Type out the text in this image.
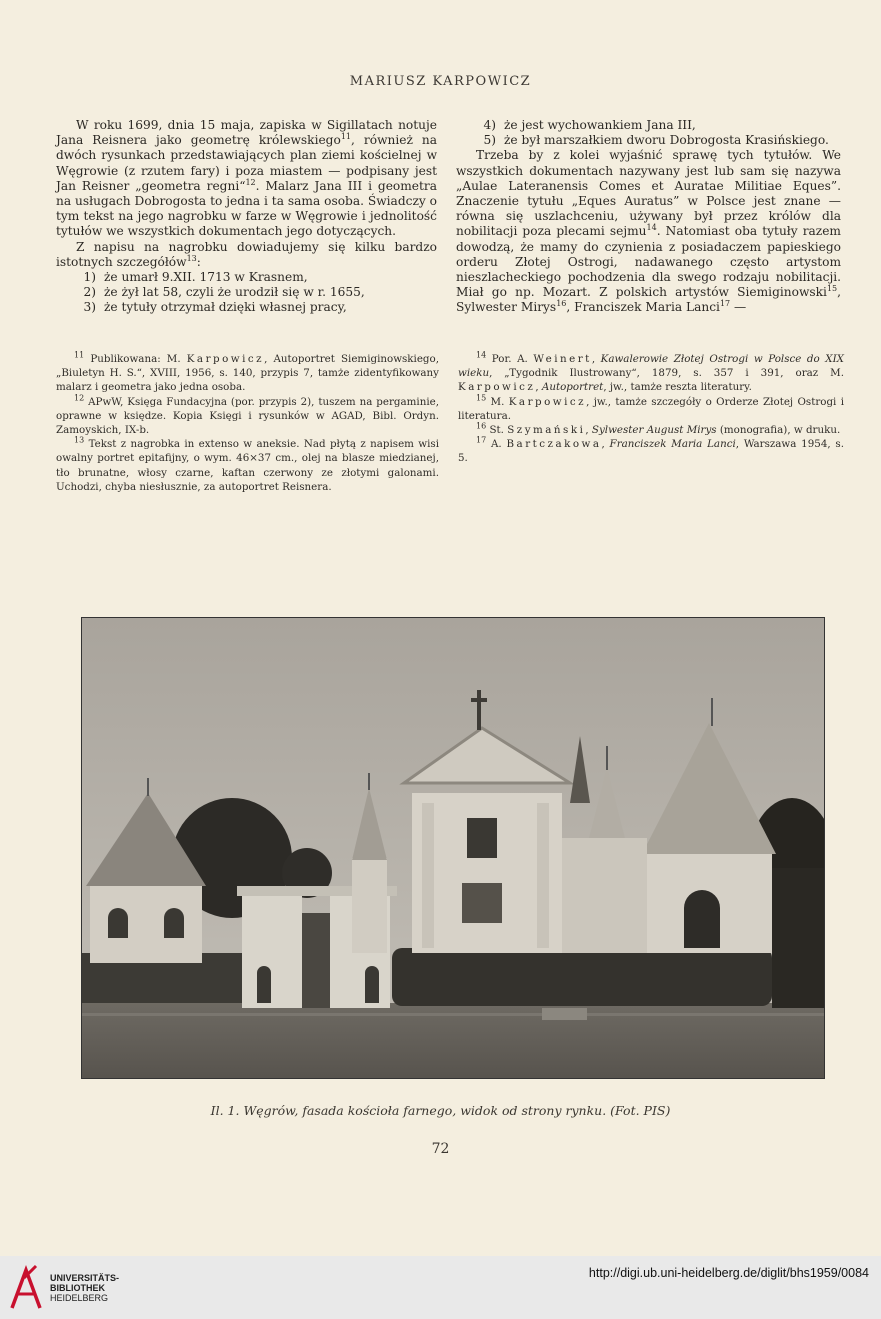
MARIUSZ KARPOWICZ

W roku 1699, dnia 15 maja, zapiska w Sigillatach notuje Jana Reisnera jako geometrę królewskiego$^{11}$, również na dwóch rysunkach przedstawiających plan ziemi kościelnej w Węgrowie (z rzutem fary) i poza miastem — podpisany jest Jan Reisner „geometra regni“$^{12}$. Malarz Jana III i geometra na usługach Dobrogosta to jedna i ta sama osoba. Świadczy o tym tekst na jego nagrobku w farze w Węgrowie i jednolitość tytułów we wszystkich dokumentach jego dotyczących.

Z napisu na nagrobku dowiadujemy się kilku bardzo istotnych szczegółów$^{13}$:

1) że umarł 9.XII. 1713 w Krasnem,
2) że żył lat 58, czyli że urodził się w r. 1655,
3) że tytuły otrzymał dzięki własnej pracy,
4) że jest wychowankiem Jana III,
5) że był marszałkiem dworu Dobrogosta Krasińskiego.

Trzeba by z kolei wyjaśnić sprawę tych tytułów. We wszystkich dokumentach nazywany jest lub sam się nazywa „Aulae Lateranensis Comes et Auratae Militiae Eques”. Znaczenie tytułu „Eques Auratus” w Polsce jest znane — równa się uszlachceniu, używany był przez królów dla nobilitacji poza plecami sejmu$^{14}$. Natomiast oba tytuły razem dowodzą, że mamy do czynienia z posiadaczem papieskiego orderu Złotej Ostrogi, nadawanego często artystom nieszlacheckiego pochodzenia dla swego rodzaju nobilitacji. Miał go np. Mozart. Z polskich artystów Siemiginowski$^{15}$, Sylwester Mirys$^{16}$, Franciszek Maria Lanci$^{17}$ —

$^{11}$ Publikowana: M. Karpowicz, Autoportret Siemiginowskiego, „Biuletyn H. S.“, XVIII, 1956, s. 140, przypis 7, tamże zidentyfikowany malarz i geometra jako jedna osoba.

$^{12}$ APwW, Księga Fundacyjna (por. przypis 2), tuszem na pergaminie, oprawne w księdze. Kopia Księgi i rysunków w AGAD, Bibl. Ordyn. Zamoyskich, IX-b.

$^{13}$ Tekst z nagrobka in extenso w aneksie. Nad płytą z napisem wisi owalny portret epitafijny, o wym. 46×37 cm., olej na blasze miedzianej, tło brunatne, włosy czarne, kaftan czerwony ze złotymi galonami. Uchodzi, chyba niesłusznie, za autoportret Reisnera.

$^{14}$ Por. A. Weinert, Kawalerowie Złotej Ostrogi w Polsce do XIX wieku, „Tygodnik Ilustrowany“, 1879, s. 357 i 391, oraz M. Karpowicz, Autoportret, jw., tamże reszta literatury.

$^{15}$ M. Karpowicz, jw., tamże szczegóły o Orderze Złotej Ostrogi i literatura.

$^{16}$ St. Szymański, Sylwester August Mirys (monografia), w druku.

$^{17}$ A. Bartczakowa, Franciszek Maria Lanci, Warszawa 1954, s. 5.

Il. 1. Węgrów, fasada kościoła farnego, widok od strony rynku. (Fot. PIS)
72
UNIVERSITÄTS-
BIBLIOTHEK
HEIDELBERG
http://digi.ub.uni-heidelberg.de/diglit/bhs1959/0084
